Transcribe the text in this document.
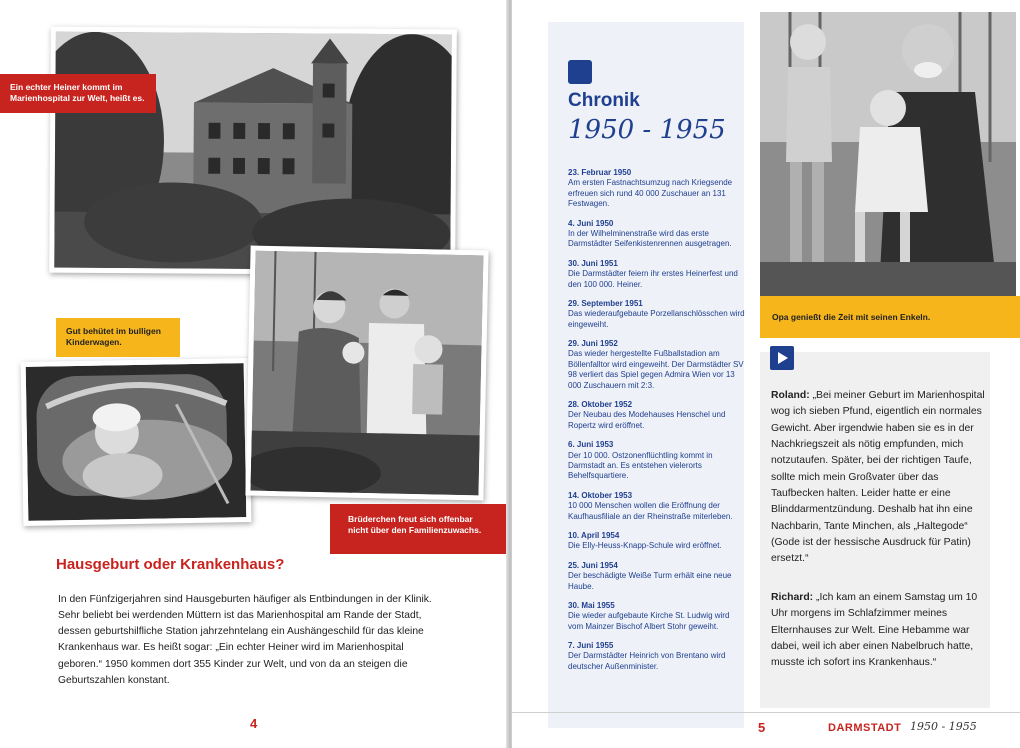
Ein echter Heiner kommt im Marienhospital zur Welt, heißt es.
Gut behütet im bulligen Kinderwagen.
Brüderchen freut sich offenbar nicht über den Familienzuwachs.
Hausgeburt oder Krankenhaus?

In den Fünfzigerjahren sind Hausgeburten häufiger als Entbindungen in der Klinik. Sehr beliebt bei werdenden Müttern ist das Marienhospital am Rande der Stadt, dessen geburtshilfliche Station jahrzehntelang ein Aushängeschild für das kleine Krankenhaus war. Es heißt sogar: „Ein echter Heiner wird im Marienhospital geboren.“ 1950 kommen dort 355 Kinder zur Welt, und von da an steigen die Geburtszahlen konstant.

4
Chronik
1950 - 1955
23. Februar 1950
Am ersten Fastnachtsumzug nach Kriegsende erfreuen sich rund 40 000 Zuschauer an 131 Festwagen.
4. Juni 1950
In der Wilhelminenstraße wird das erste Darmstädter Seifenkistenrennen ausgetragen.
30. Juni 1951
Die Darmstädter feiern ihr erstes Heinerfest und den 100 000. Heiner.
29. September 1951
Das wiederaufgebaute Porzellanschlösschen wird eingeweiht.
29. Juni 1952
Das wieder hergestellte Fußballstadion am Böllenfalltor wird eingeweiht. Der Darmstädter SV 98 verliert das Spiel gegen Admira Wien vor 13 000 Zuschauern mit 2:3.
28. Oktober 1952
Der Neubau des Modehauses Henschel und Ropertz wird eröffnet.
6. Juni 1953
Der 10 000. Ostzonenflüchtling kommt in Darmstadt an. Es entstehen vielerorts Behelfsquartiere.
14. Oktober 1953
10 000 Menschen wollen die Eröffnung der Kaufhausfiliale an der Rheinstraße miterleben.
10. April 1954
Die Elly-Heuss-Knapp-Schule wird eröffnet.
25. Juni 1954
Der beschädigte Weiße Turm erhält eine neue Haube.
30. Mai 1955
Die wieder aufgebaute Kirche St. Ludwig wird vom Mainzer Bischof Albert Stohr geweiht.
7. Juni 1955
Der Darmstädter Heinrich von Brentano wird deutscher Außenminister.
Opa genießt die Zeit mit seinen Enkeln.

Roland: „Bei meiner Geburt im Marienhospital wog ich sieben Pfund, eigentlich ein normales Gewicht. Aber irgendwie haben sie es in der Nachkriegszeit als nötig empfunden, mich notzutaufen. Später, bei der richtigen Taufe, sollte mich mein Großvater über das Taufbecken halten. Leider hatte er eine Blinddarmentzündung. Deshalb hat ihn eine Nachbarin, Tante Minchen, als „Haltegode“ (Gode ist der hessische Ausdruck für Patin) ersetzt.“

Richard: „Ich kam an einem Samstag um 10 Uhr morgens im Schlafzimmer meines Elternhauses zur Welt. Eine Hebamme war dabei, weil ich aber einen Nabelbruch hatte, musste ich sofort ins Krankenhaus.“

5	DARMSTADT 1950 - 1955
